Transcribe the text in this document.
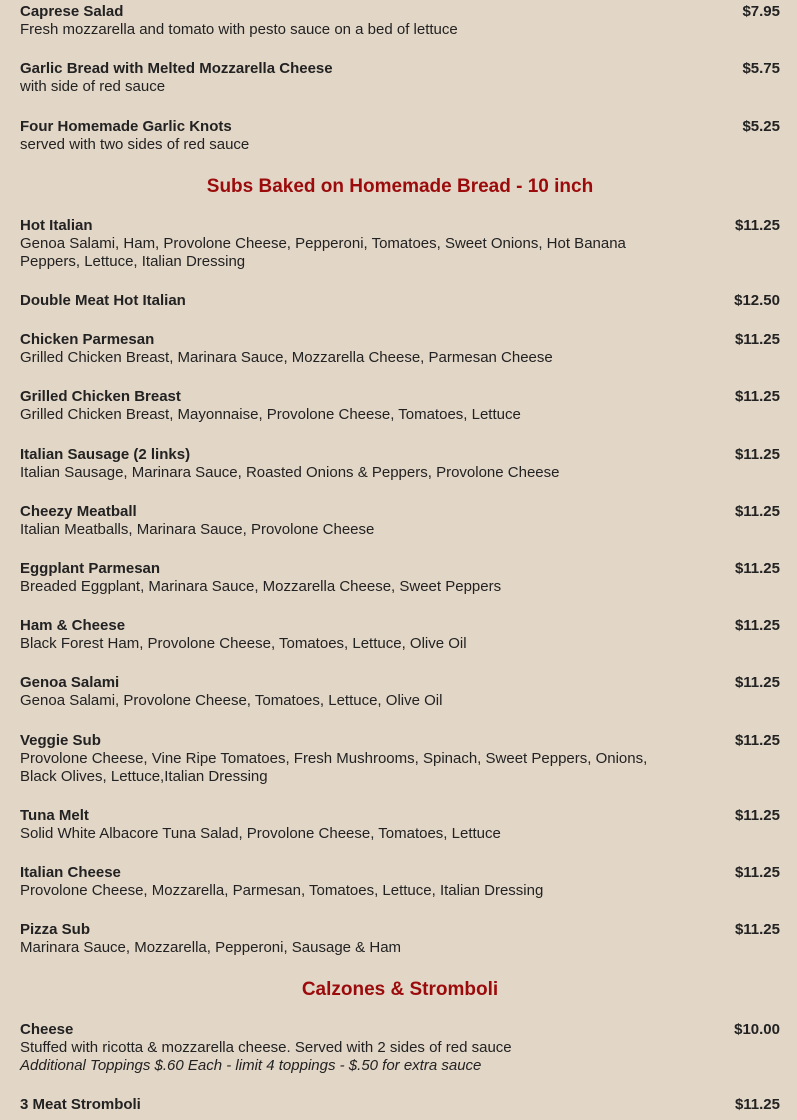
Caprese Salad
Fresh mozzarella and tomato with pesto sauce on a bed of lettuce
$7.95
Garlic Bread with Melted Mozzarella Cheese
with side of red sauce
$5.75
Four Homemade Garlic Knots
served with two sides of red sauce
$5.25
Subs Baked on Homemade Bread - 10 inch
Hot Italian
Genoa Salami, Ham, Provolone Cheese, Pepperoni, Tomatoes, Sweet Onions, Hot Banana Peppers, Lettuce, Italian Dressing
$11.25
Double Meat Hot Italian	$12.50
Chicken Parmesan
Grilled Chicken Breast, Marinara Sauce, Mozzarella Cheese, Parmesan Cheese
$11.25
Grilled Chicken Breast
Grilled Chicken Breast, Mayonnaise, Provolone Cheese, Tomatoes, Lettuce
$11.25
Italian Sausage (2 links)
Italian Sausage, Marinara Sauce, Roasted Onions & Peppers, Provolone Cheese
$11.25
Cheezy Meatball
Italian Meatballs, Marinara Sauce, Provolone Cheese
$11.25
Eggplant Parmesan
Breaded Eggplant, Marinara Sauce, Mozzarella Cheese, Sweet Peppers
$11.25
Ham & Cheese
Black Forest Ham, Provolone Cheese, Tomatoes, Lettuce, Olive Oil
$11.25
Genoa Salami
Genoa Salami, Provolone Cheese, Tomatoes, Lettuce, Olive Oil
$11.25
Veggie Sub
Provolone Cheese, Vine Ripe Tomatoes, Fresh Mushrooms, Spinach, Sweet Peppers, Onions, Black Olives, Lettuce,Italian Dressing
$11.25
Tuna Melt
Solid White Albacore Tuna Salad, Provolone Cheese, Tomatoes, Lettuce
$11.25
Italian Cheese
Provolone Cheese, Mozzarella, Parmesan, Tomatoes, Lettuce, Italian Dressing
$11.25
Pizza Sub
Marinara Sauce, Mozzarella, Pepperoni, Sausage & Ham
$11.25
Calzones & Stromboli
Cheese
Stuffed with ricotta & mozzarella cheese. Served with 2 sides of red sauce
Additional Toppings $.60 Each - limit 4 toppings - $.50 for extra sauce
$10.00
3 Meat Stromboli	$11.25
